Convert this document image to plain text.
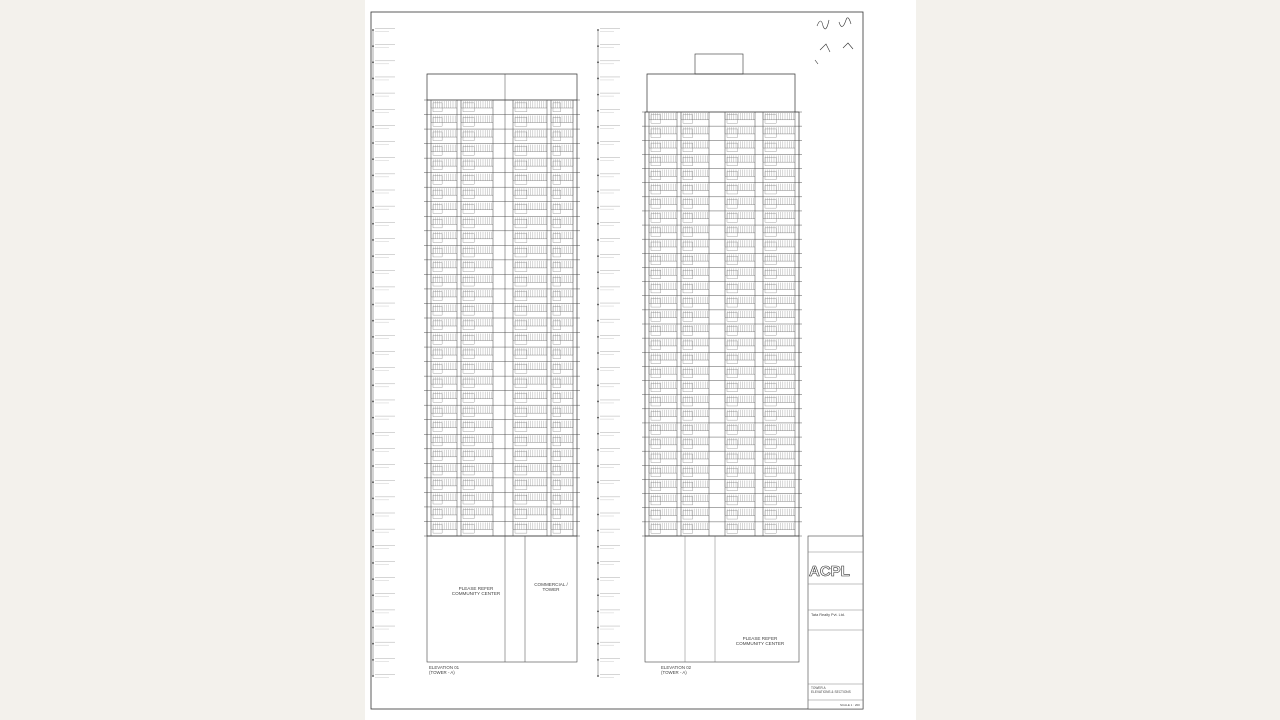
PLEASE REFER
COMMUNITY CENTER
COMMERCIAL /
TOWER
ELEVATION 01
(TOWER - A)
PLEASE REFER
COMMUNITY CENTER
ELEVATION 02
(TOWER - A)
ACPL
Tata Realty Pvt. Ltd.
TOWER A
ELEVATIONS & SECTIONS
SCALE 1 : 200
